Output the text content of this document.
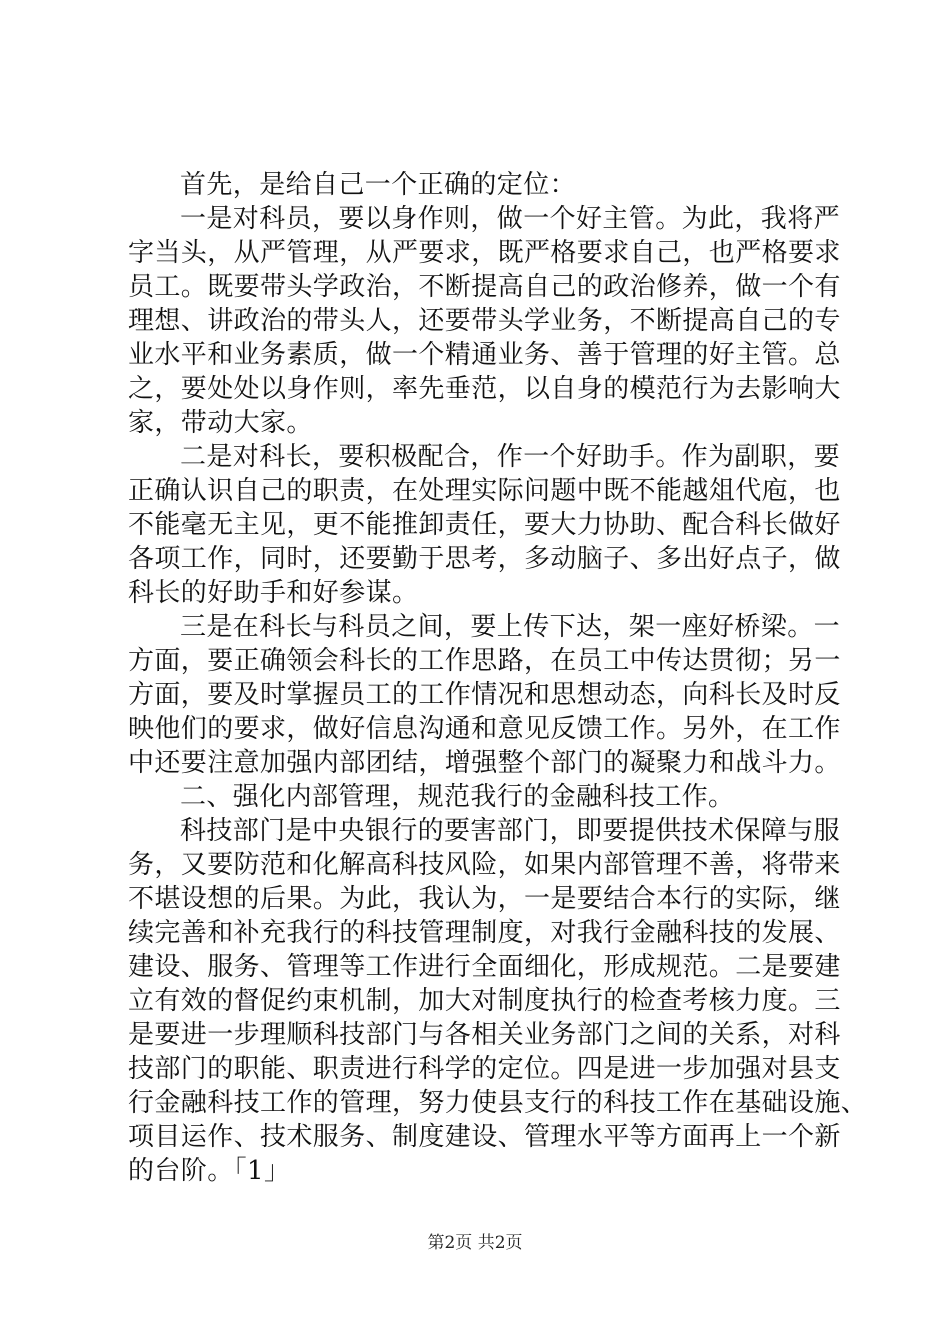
首先，是给自己一个正确的定位：
一是对科员，要以身作则，做一个好主管。为此，我将严
字当头，从严管理，从严要求，既严格要求自己，也严格要求
员工。既要带头学政治，不断提高自己的政治修养，做一个有
理想、讲政治的带头人，还要带头学业务，不断提高自己的专
业水平和业务素质，做一个精通业务、善于管理的好主管。总
之，要处处以身作则，率先垂范，以自身的模范行为去影响大
家，带动大家。
二是对科长，要积极配合，作一个好助手。作为副职，要
正确认识自己的职责，在处理实际问题中既不能越俎代庖，也
不能毫无主见，更不能推卸责任，要大力协助、配合科长做好
各项工作，同时，还要勤于思考，多动脑子、多出好点子，做
科长的好助手和好参谋。
三是在科长与科员之间，要上传下达，架一座好桥梁。一
方面，要正确领会科长的工作思路，在员工中传达贯彻；另一
方面，要及时掌握员工的工作情况和思想动态，向科长及时反
映他们的要求，做好信息沟通和意见反馈工作。另外，在工作
中还要注意加强内部团结，增强整个部门的凝聚力和战斗力。
二、强化内部管理，规范我行的金融科技工作。
科技部门是中央银行的要害部门，即要提供技术保障与服
务，又要防范和化解高科技风险，如果内部管理不善，将带来
不堪设想的后果。为此，我认为，一是要结合本行的实际，继
续完善和补充我行的科技管理制度，对我行金融科技的发展、
建设、服务、管理等工作进行全面细化，形成规范。二是要建
立有效的督促约束机制，加大对制度执行的检查考核力度。三
是要进一步理顺科技部门与各相关业务部门之间的关系，对科
技部门的职能、职责进行科学的定位。四是进一步加强对县支
行金融科技工作的管理，努力使县支行的科技工作在基础设施、
项目运作、技术服务、制度建设、管理水平等方面再上一个新
的台阶。「1」
第2页 共2页
